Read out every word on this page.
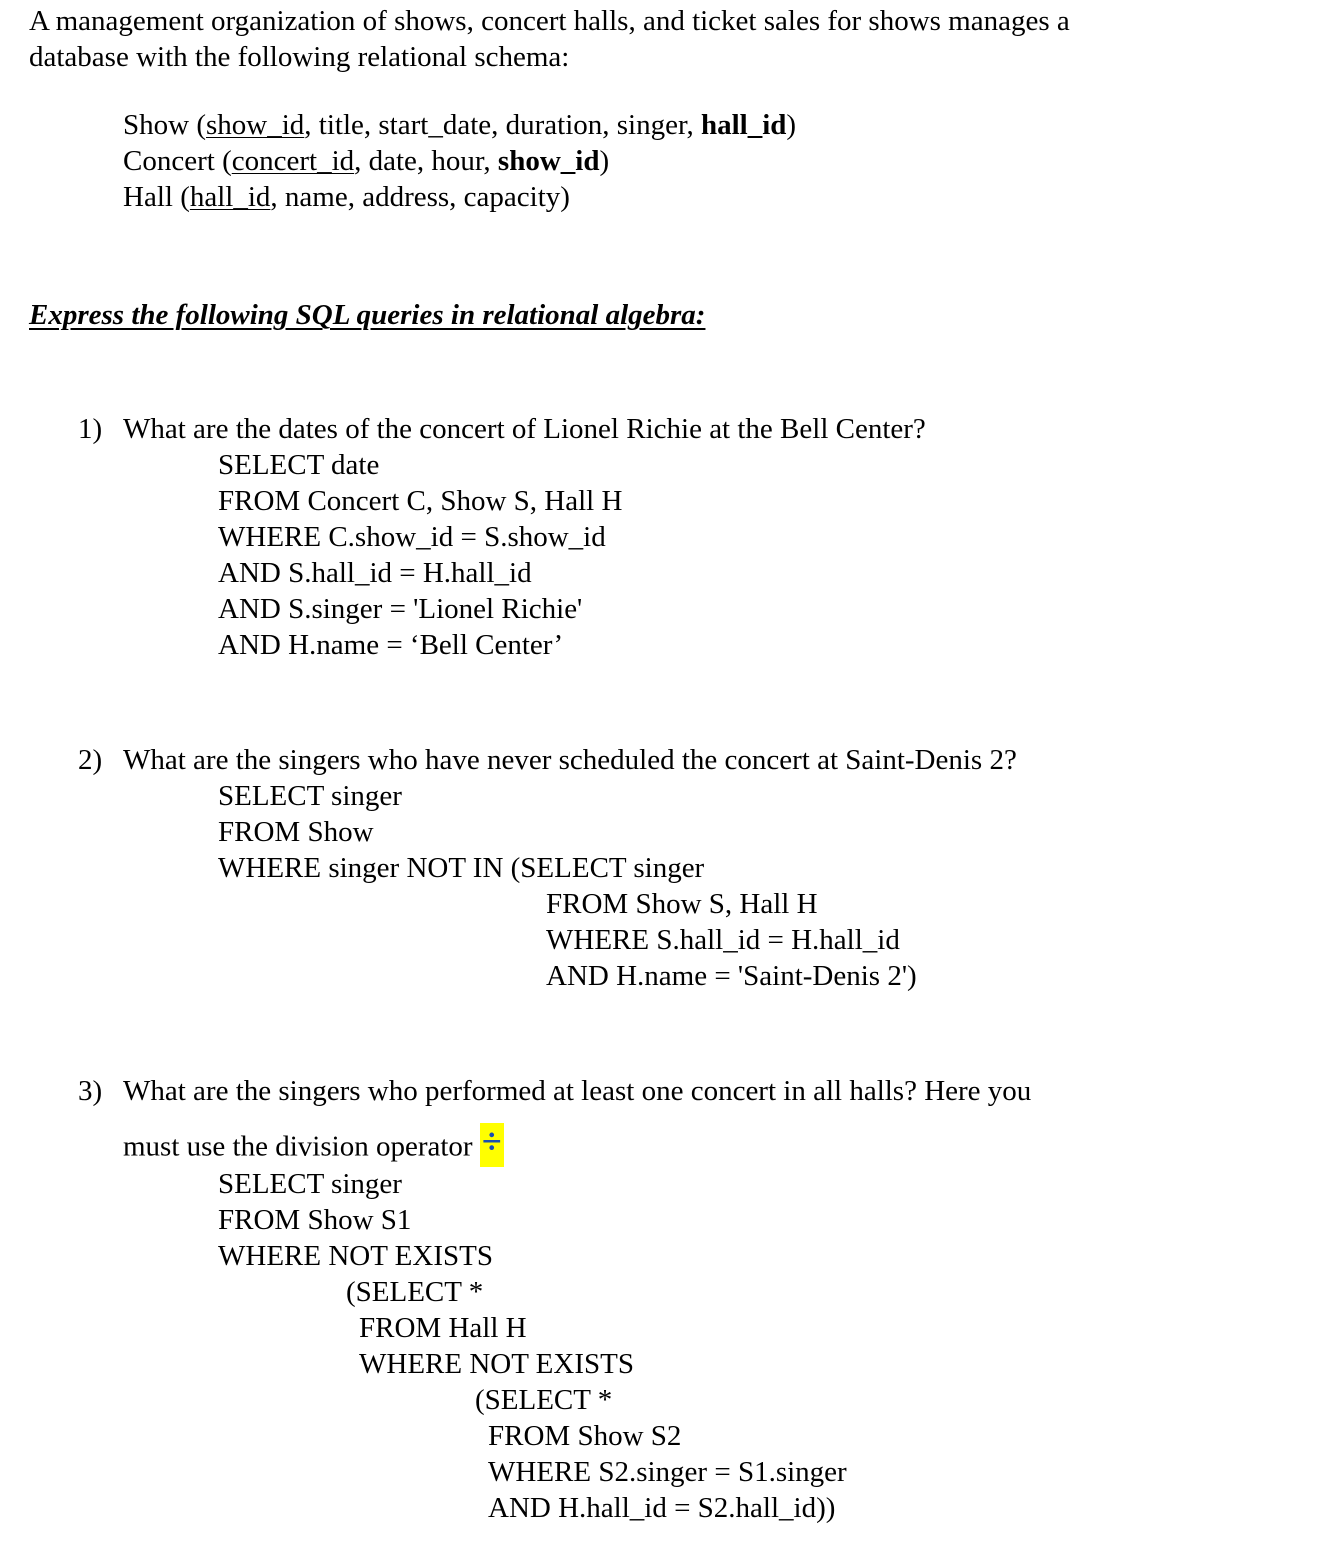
A management organization of shows, concert halls, and ticket sales for shows manages a
database with the following relational schema:
Show (show_id, title, start_date, duration, singer, hall_id)
Concert (concert_id, date, hour, show_id)
Hall (hall_id, name, address, capacity)
Express the following SQL queries in relational algebra:
1) What are the dates of the concert of Lionel Richie at the Bell Center?
SELECT date
FROM Concert C, Show S, Hall H
WHERE C.show_id = S.show_id
AND S.hall_id = H.hall_id
AND S.singer = 'Lionel Richie'
AND H.name = ‘Bell Center’
2) What are the singers who have never scheduled the concert at Saint-Denis 2?
SELECT singer
FROM Show
WHERE singer NOT IN (SELECT singer
FROM Show S, Hall H
WHERE S.hall_id = H.hall_id
AND H.name = 'Saint-Denis 2')
3) What are the singers who performed at least one concert in all halls? Here you
must use the division operator ÷
SELECT singer
FROM Show S1
WHERE NOT EXISTS
(SELECT *
FROM Hall H
WHERE NOT EXISTS
(SELECT *
FROM Show S2
WHERE S2.singer = S1.singer
AND H.hall_id = S2.hall_id))
